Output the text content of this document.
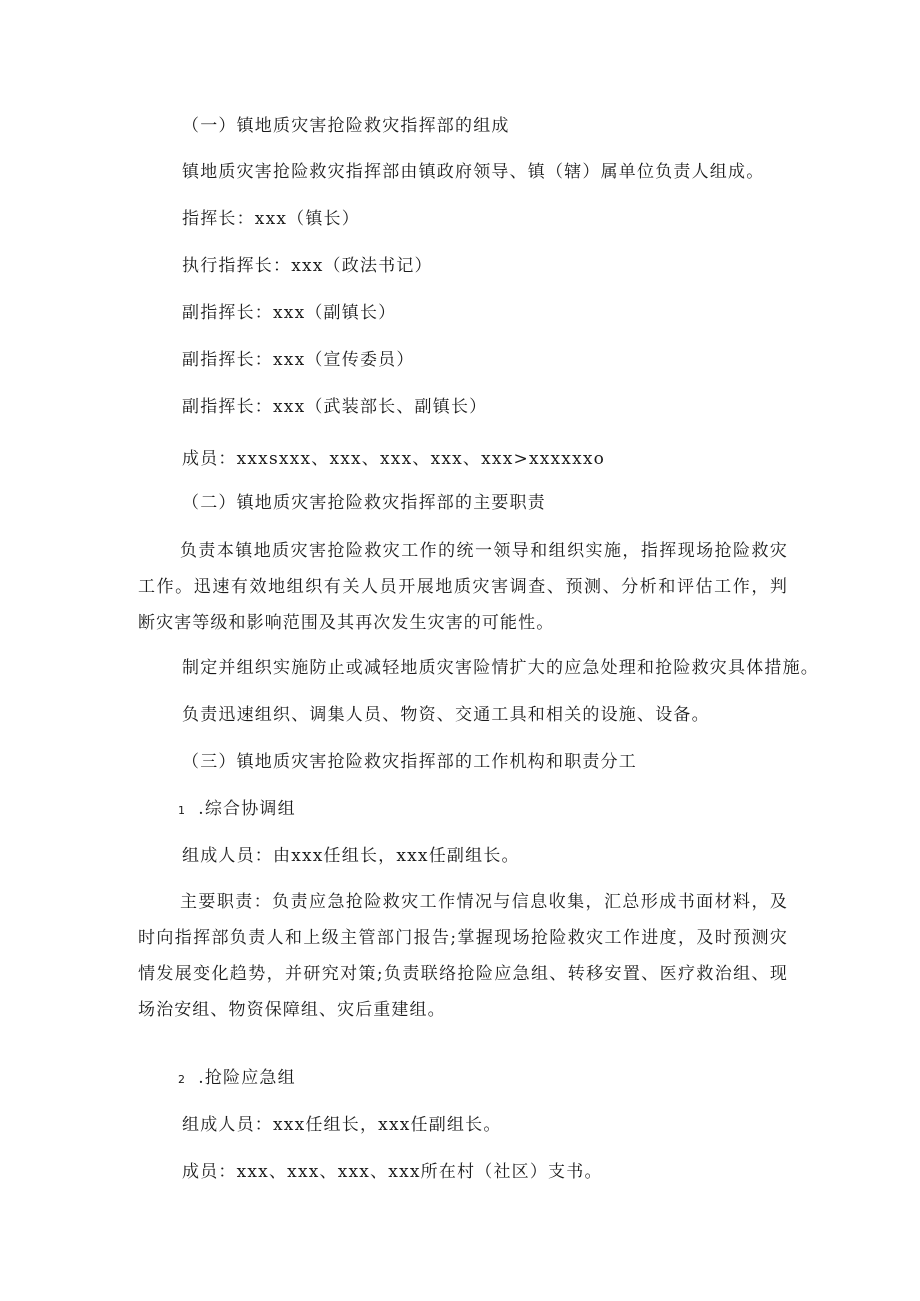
（一）镇地质灾害抢险救灾指挥部的组成

镇地质灾害抢险救灾指挥部由镇政府领导、镇（辖）属单位负责人组成。

指挥长：xxx（镇长）

执行指挥长：xxx（政法书记）

副指挥长：xxx（副镇长）

副指挥长：xxx（宣传委员）

副指挥长：xxx（武装部长、副镇长）

成员：xxxsxxx、xxx、xxx、xxx、xxx>xxxxxxo

（二）镇地质灾害抢险救灾指挥部的主要职责

负责本镇地质灾害抢险救灾工作的统一领导和组织实施，指挥现场抢险救灾工作。迅速有效地组织有关人员开展地质灾害调查、预测、分析和评估工作，判断灾害等级和影响范围及其再次发生灾害的可能性。

制定并组织实施防止或减轻地质灾害险情扩大的应急处理和抢险救灾具体措施。

负责迅速组织、调集人员、物资、交通工具和相关的设施、设备。

（三）镇地质灾害抢险救灾指挥部的工作机构和职责分工

1 .综合协调组

组成人员：由xxx任组长，xxx任副组长。

主要职责：负责应急抢险救灾工作情况与信息收集，汇总形成书面材料，及时向指挥部负责人和上级主管部门报告;掌握现场抢险救灾工作进度，及时预测灾情发展变化趋势，并研究对策;负责联络抢险应急组、转移安置、医疗救治组、现场治安组、物资保障组、灾后重建组。

2 .抢险应急组

组成人员：xxx任组长，xxx任副组长。

成员：xxx、xxx、xxx、xxx所在村（社区）支书。
